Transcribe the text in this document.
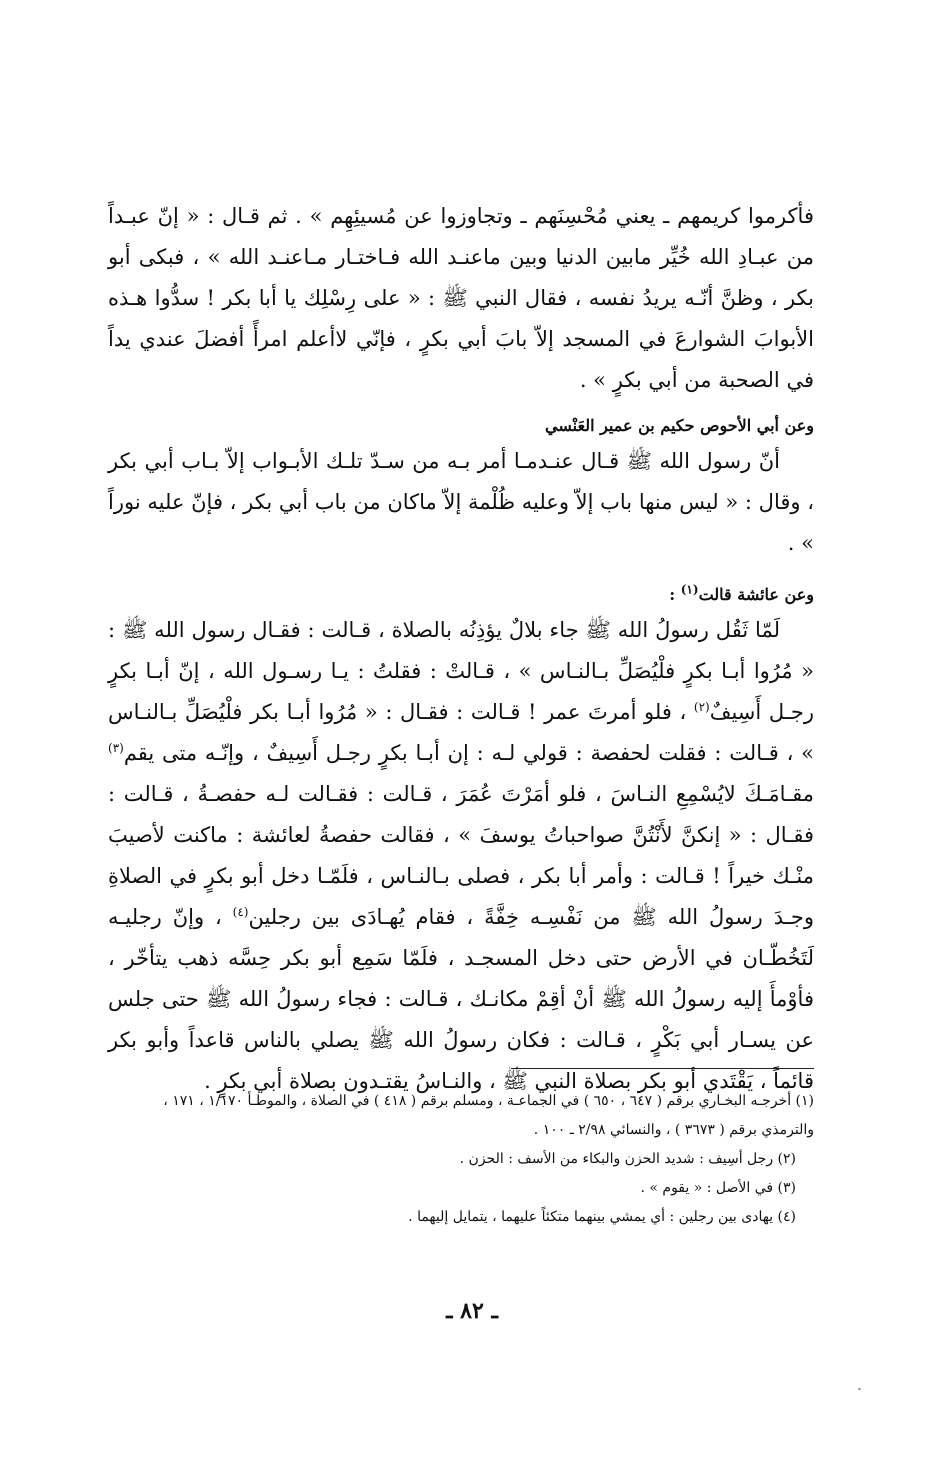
فأكرموا كريمهم ـ يعني مُحْسِنَهم ـ وتجاوزوا عن مُسيئِهِم » . ثم قـال : « إنّ عبـداً من عبـادِ الله خُيِّر مابين الدنيا وبين ماعنـد الله فـاختـار مـاعنـد الله » ، فبكى أبو بكر ، وظنَّ أنّـه يريدُ نفسه ، فقال النبي ﷺ : « على رِسْلِك يا أبا بكر ! سدُّوا هـذه الأبوابَ الشوارعَ في المسجد إلاّ بابَ أبي بكرٍ ، فإنّي لاأعلم امرأً أفضلَ عندي يداً في الصحبة من أبي بكرٍ » .

وعن أبي الأحوص حكيم بن عمير العَنْسي

أنّ رسول الله ﷺ قـال عنـدمـا أمر بـه من سـدّ تلـك الأبـواب إلاّ بـاب أبي بكر ، وقال : « ليس منها باب إلاّ وعليه ظُلْمة إلاّ ماكان من باب أبي بكر ، فإنّ عليه نوراً » .

وعن عائشة قالت$^{(١)}$ :

لَمّا ثَقُل رسولُ الله ﷺ جاء بلالٌ يؤذِنُه بالصلاة ، قـالت : فقـال رسول الله ﷺ : « مُرُوا أبـا بكرٍ فلْيُصَلِّ بـالنـاس » ، قـالتْ : فقلتُ : يـا رسـول الله ، إنّ أبـا بكرٍ رجـل أَسِيفٌ$^{(٢)}$ ، فلو أمرتَ عمر ! قـالت : فقـال : « مُرُوا أبـا بكر فلْيُصَلِّ بـالنـاس » ، قـالت : فقلت لحفصة : قولي لـه : إن أبـا بكرٍ رجـل أَسِيفٌ ، وإنّـه متى يقم$^{(٣)}$ مقـامَـكَ لايُسْمِعِ النـاسَ ، فلو أمَرْتَ عُمَرَ ، قـالت : فقـالت لـه حفصـةُ ، قـالت : فقـال : « إنكنَّ لأَنْتُنَّ صواحباتُ يوسفَ » ، فقالت حفصةُ لعائشة : ماكنت لأصيبَ منْـك خيراً ! قـالت : وأمر أبا بكر ، فصلى بـالنـاس ، فلَمّـا دخل أبو بكرٍ في الصلاةِ وجـدَ رسولُ الله ﷺ من نَفْسِـه خِفَّةً ، فقام يُهـادَى بين رجلين$^{(٤)}$ ، وإنّ رجليـه لَتَخُطّـان في الأرض حتى دخل المسجـد ، فلَمّا سَمِع أبو بكر حِسَّه ذهب يتأخّر ، فأوْمأَ إليه رسولُ الله ﷺ أنْ أقِمْ مكانـك ، قـالت : فجاء رسولُ الله ﷺ حتى جلس عن يسـار أبي بَكْرٍ ، قـالت : فكان رسولُ الله ﷺ يصلي بالناس قاعداً وأبو بكر قائماً ، يَقْتَدي أبو بكر بصلاة النبي ﷺ ، والنـاسُ يقتـدون بصلاة أبي بكرٍ .

(١) أخرجـه البخـاري برقم ( ٦٤٧ ، ٦٥٠ ) في الجماعـة ، ومسلم برقم ( ٤١٨ ) في الصلاة ، والموطـأ ١/١٧٠ ، ١٧١ ، والترمذي برقم ( ٣٦٧٣ ) ، والنسائي ٢/٩٨ ـ ١٠٠ .

(٢) رجل أسِيف : شديد الحزن والبكاء من الأسف : الحزن .

(٣) في الأصل : « يقوم » .

(٤) يهادى بين رجلين : أي يمشي بينهما متكئاً عليهما ، يتمايل إليهما .

ـ ٨٢ ـ
